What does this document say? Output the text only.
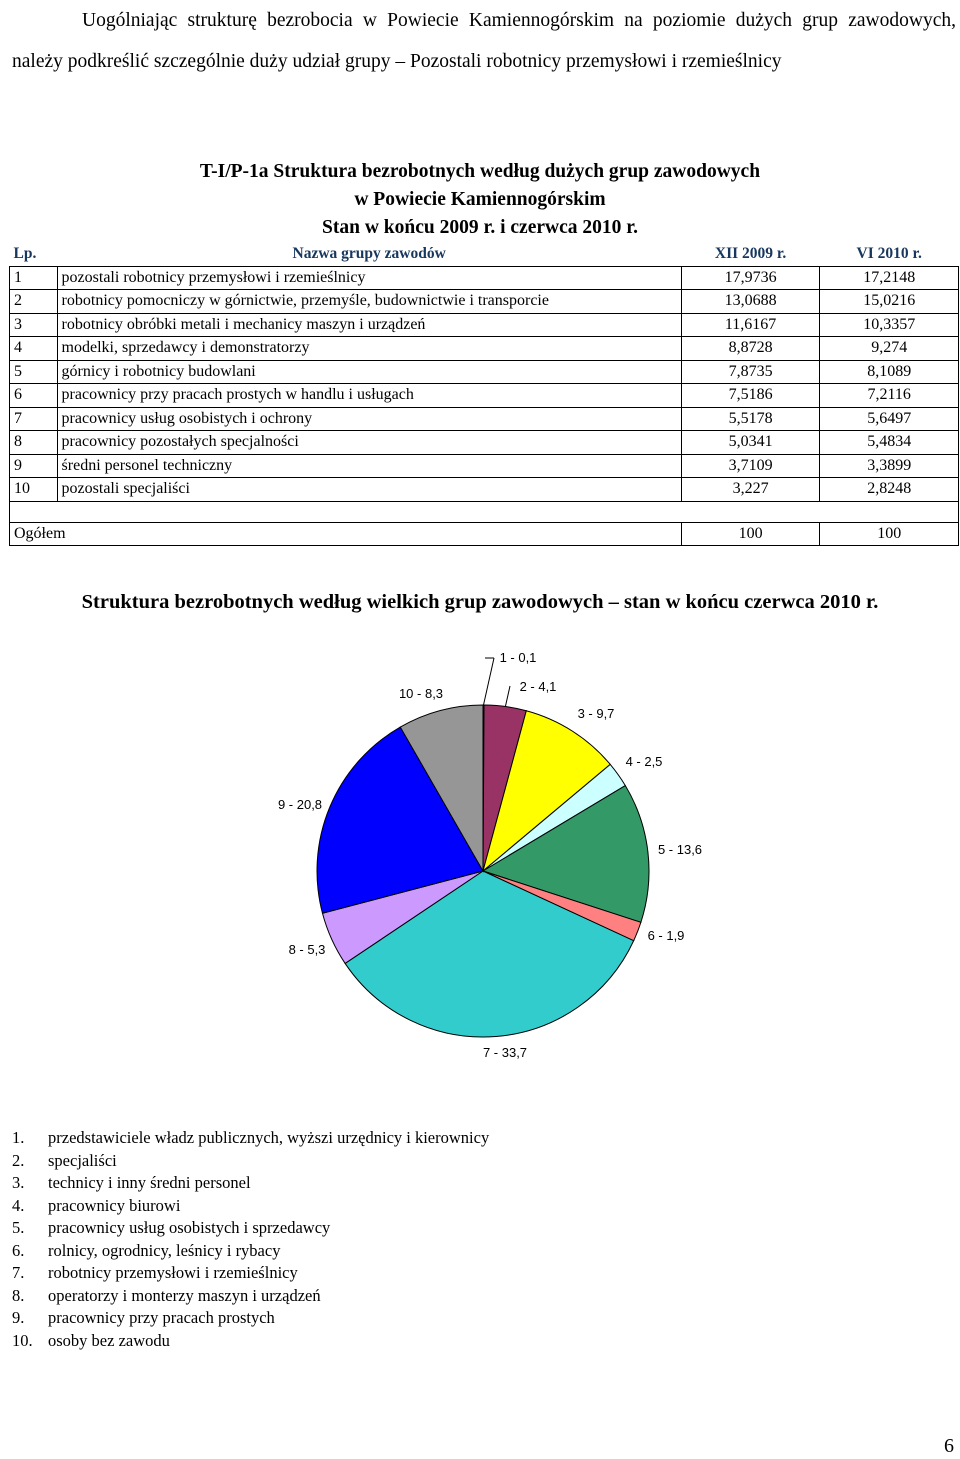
Uogólniając strukturę bezrobocia w Powiecie Kamiennogórskim na poziomie dużych grup zawodowych, należy podkreślić szczególnie duży udział grupy – Pozostali robotnicy przemysłowi i rzemieślnicy

T-I/P-1a Struktura bezrobotnych według dużych grup zawodowych

w Powiecie Kamiennogórskim

Stan w końcu 2009 r. i czerwca 2010 r.

Lp.	Nazwa grupy zawodów	XII 2009 r.	VI 2010 r.
1	pozostali robotnicy przemysłowi i rzemieślnicy	17,9736	17,2148
2	robotnicy pomocniczy w górnictwie, przemyśle, budownictwie i transporcie	13,0688	15,0216
3	robotnicy obróbki metali i mechanicy maszyn i urządzeń	11,6167	10,3357
4	modelki, sprzedawcy i demonstratorzy	8,8728	9,274
5	górnicy i robotnicy budowlani	7,8735	8,1089
6	pracownicy przy pracach prostych w handlu i usługach	7,5186	7,2116
7	pracownicy usług osobistych i ochrony	5,5178	5,6497
8	pracownicy pozostałych specjalności	5,0341	5,4834
9	średni personel techniczny	3,7109	3,3899
10	pozostali specjaliści	3,227	2,8248

Ogółem		100	100

Struktura bezrobotnych według wielkich grup zawodowych – stan w końcu czerwca 2010 r.

1 - 0,1
2 - 4,1
3 - 9,7
4 - 2,5
5 - 13,6
6 - 1,9
7 - 33,7
8 - 5,3
9 - 20,8
10 - 8,3
1.	przedstawiciele władz publicznych, wyższi urzędnicy i kierownicy
2.	specjaliści
3.	technicy i inny średni personel
4.	pracownicy biurowi
5.	pracownicy usług osobistych i sprzedawcy
6.	rolnicy, ogrodnicy, leśnicy i rybacy
7.	robotnicy przemysłowi i rzemieślnicy
8.	operatorzy i monterzy maszyn i urządzeń
9.	pracownicy przy pracach prostych
10. osoby bez zawodu
6
